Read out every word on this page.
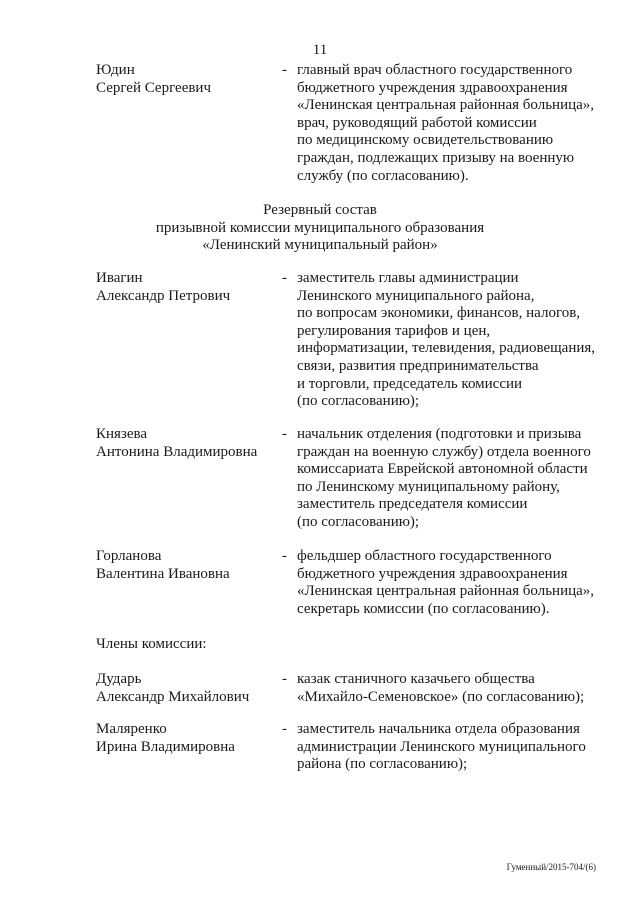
11
Юдин
Сергей Сергеевич
- главный врач областного государственного
бюджетного учреждения здравоохранения
«Ленинская центральная районная больница»,
врач, руководящий работой комиссии
по медицинскому освидетельствованию
граждан, подлежащих призыву на военную
службу (по согласованию).
Резервный состав
призывной комиссии муниципального образования
«Ленинский муниципальный район»
Ивагин
Александр Петрович
- заместитель главы администрации
Ленинского муниципального района,
по вопросам экономики, финансов, налогов,
регулирования тарифов и цен,
информатизации, телевидения, радиовещания,
связи, развития предпринимательства
и торговли, председатель комиссии
(по согласованию);
Князева
Антонина Владимировна
- начальник отделения (подготовки и призыва
граждан на военную службу) отдела военного
комиссариата Еврейской автономной области
по Ленинскому муниципальному району,
заместитель председателя комиссии
(по согласованию);
Горланова
Валентина Ивановна
- фельдшер областного государственного
бюджетного учреждения здравоохранения
«Ленинская центральная районная больница»,
секретарь комиссии (по согласованию).
Члены комиссии:
Дударь
Александр Михайлович
- казак станичного казачьего общества
«Михайло-Семеновское» (по согласованию);
Маляренко
Ирина Владимировна
- заместитель начальника отдела образования
администрации Ленинского муниципального
района (по согласованию);
Гуменный/2015-704/(6)
